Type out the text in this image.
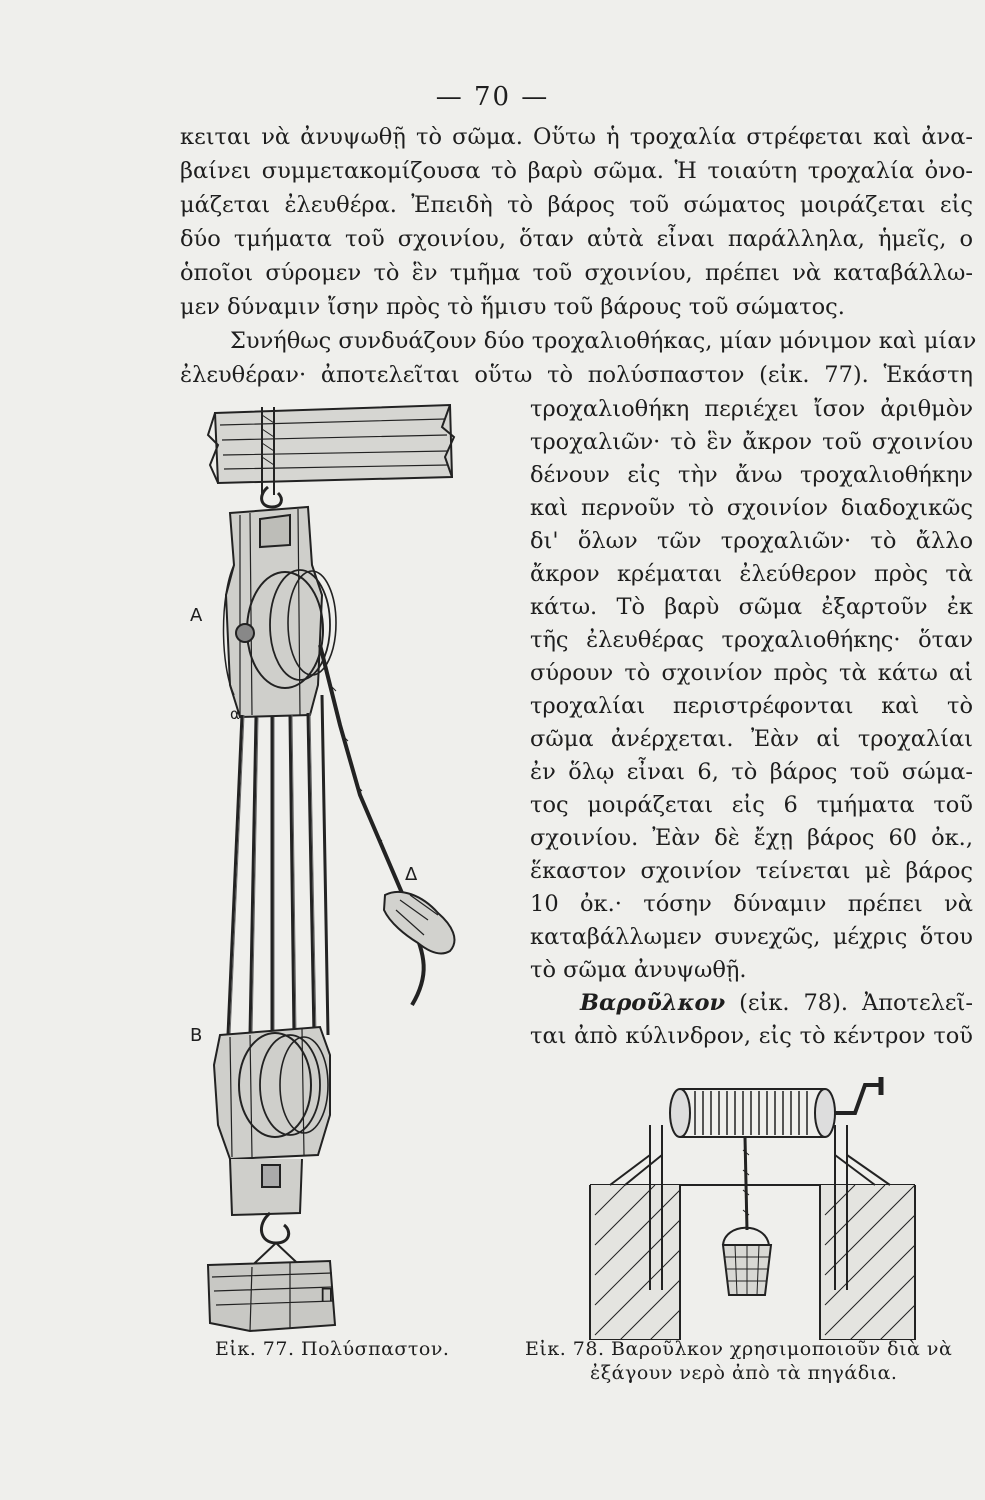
— 70 —
κειται νὰ ἀνυψωθῇ τὸ σῶμα. Οὕτω ἡ τροχαλία στρέφεται καὶ ἀνα-
βαίνει συμμετακομίζουσα τὸ βαρὺ σῶμα. Ἡ τοιαύτη τροχαλία ὀνο-
μάζεται ἐλευθέρα. Ἐπειδὴ τὸ βάρος τοῦ σώματος μοιράζεται εἰς
δύο τμήματα τοῦ σχοινίου, ὅταν αὐτὰ εἶναι παράλληλα, ἡμεῖς, ο
ὁποῖοι σύρομεν τὸ ἓν τμῆμα τοῦ σχοινίου, πρέπει νὰ καταβάλλω-
μεν δύναμιν ἴσην πρὸς τὸ ἥμισυ τοῦ βάρους τοῦ σώματος.
Συνήθως συνδυάζουν δύο τροχαλιοθήκας, μίαν μόνιμον καὶ μίαν
ἐλευθέραν· ἀποτελεῖται οὕτω τὸ πολύσπαστον (εἰκ. 77). Ἑκάστη
τροχαλιοθήκη περιέχει ἴσον ἀριθμὸν
τροχαλιῶν· τὸ ἓν ἄκρον τοῦ σχοινίου
δένουν εἰς τὴν ἄνω τροχαλιοθήκην
καὶ περνοῦν τὸ σχοινίον διαδοχικῶς
δι' ὅλων τῶν τροχαλιῶν· τὸ ἄλλο
ἄκρον κρέμαται ἐλεύθερον πρὸς τὰ
κάτω. Τὸ βαρὺ σῶμα ἐξαρτοῦν ἐκ
τῆς ἐλευθέρας τροχαλιοθήκης· ὅταν
σύρουν τὸ σχοινίον πρὸς τὰ κάτω αἱ
τροχαλίαι περιστρέφονται καὶ τὸ
σῶμα ἀνέρχεται. Ἐὰν αἱ τροχαλίαι
ἐν ὅλῳ εἶναι 6, τὸ βάρος τοῦ σώμα-
τος μοιράζεται εἰς 6 τμήματα τοῦ
σχοινίου. Ἐὰν δὲ ἔχῃ βάρος 60 ὀκ.,
ἕκαστον σχοινίον τείνεται μὲ βάρος
10 ὀκ.· τόσην δύναμιν πρέπει νὰ
καταβάλλωμεν συνεχῶς, μέχρις ὅτου
τὸ σῶμα ἀνυψωθῇ.
Βαροῦλκον (εἰκ. 78). Ἀποτελεῖ-
ται ἀπὸ κύλινδρον, εἰς τὸ κέντρον τοῦ
A
α
B
Δ
Π
Εἰκ. 77. Πολύσπαστον.	Εἰκ. 78. Βαροῦλκον χρησιμοποιοῦν διὰ νὰ
ἐξάγουν νερὸ ἀπὸ τὰ πηγάδια.
